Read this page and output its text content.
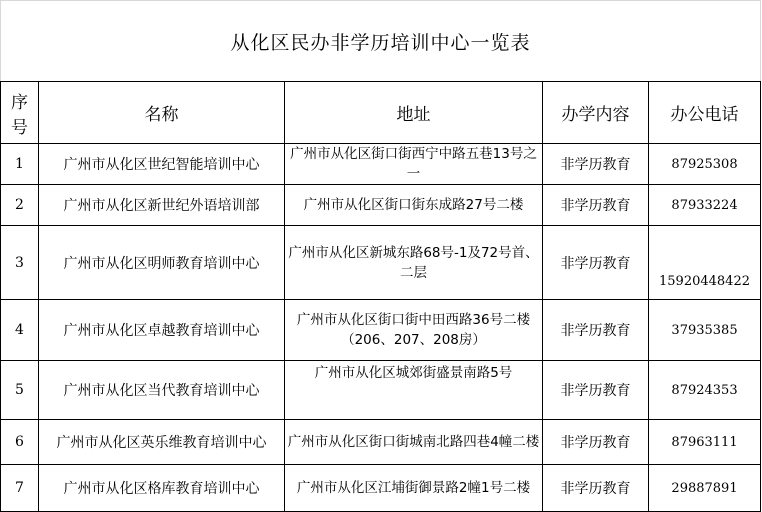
从化区民办非学历培训中心一览表				
序号	名称	地址	办学内容	办公电话
1	广州市从化区世纪智能培训中心	广州市从化区街口街西宁中路五巷13号之一	非学历教育	87925308
2	广州市从化区新世纪外语培训部	广州市从化区街口街东成路27号二楼	非学历教育	87933224
3	广州市从化区明师教育培训中心	广州市从化区新城东路68号-1及72号首、二层	非学历教育	15920448422
4	广州市从化区卓越教育培训中心	广州市从化区街口街中田西路36号二楼（206、207、208房）	非学历教育	37935385
5	广州市从化区当代教育培训中心	广州市从化区城郊街盛景南路5号	非学历教育	87924353
6	广州市从化区英乐维教育培训中心	广州市从化区街口街城南北路四巷4幢二楼	非学历教育	87963111
7	广州市从化区格库教育培训中心	广州市从化区江埔街御景路2幢1号二楼	非学历教育	29887891
